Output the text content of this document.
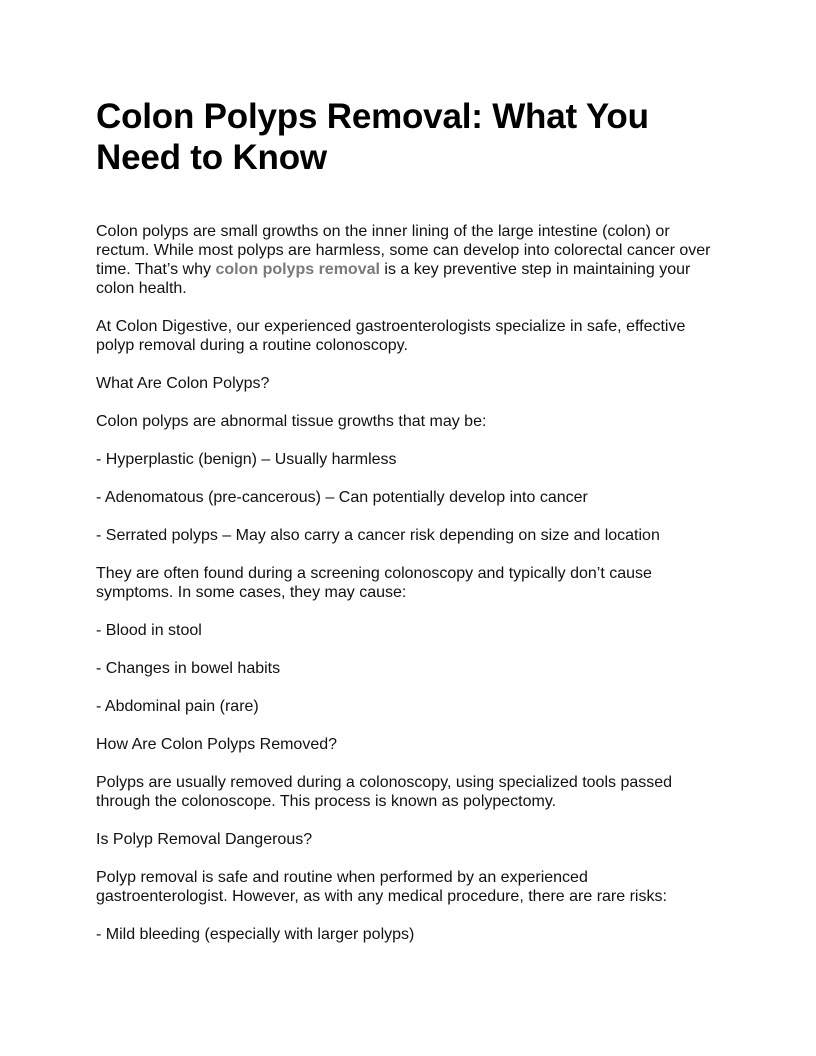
Colon Polyps Removal: What You Need to Know

Colon polyps are small growths on the inner lining of the large intestine (colon) or rectum. While most polyps are harmless, some can develop into colorectal cancer over time. That’s why colon polyps removal is a key preventive step in maintaining your colon health.

At Colon Digestive, our experienced gastroenterologists specialize in safe, effective polyp removal during a routine colonoscopy.

What Are Colon Polyps?

Colon polyps are abnormal tissue growths that may be:

- Hyperplastic (benign) – Usually harmless

- Adenomatous (pre-cancerous) – Can potentially develop into cancer

- Serrated polyps – May also carry a cancer risk depending on size and location

They are often found during a screening colonoscopy and typically don’t cause symptoms. In some cases, they may cause:

- Blood in stool

- Changes in bowel habits

- Abdominal pain (rare)

How Are Colon Polyps Removed?

Polyps are usually removed during a colonoscopy, using specialized tools passed through the colonoscope. This process is known as polypectomy.

Is Polyp Removal Dangerous?

Polyp removal is safe and routine when performed by an experienced gastroenterologist. However, as with any medical procedure, there are rare risks:

- Mild bleeding (especially with larger polyps)
